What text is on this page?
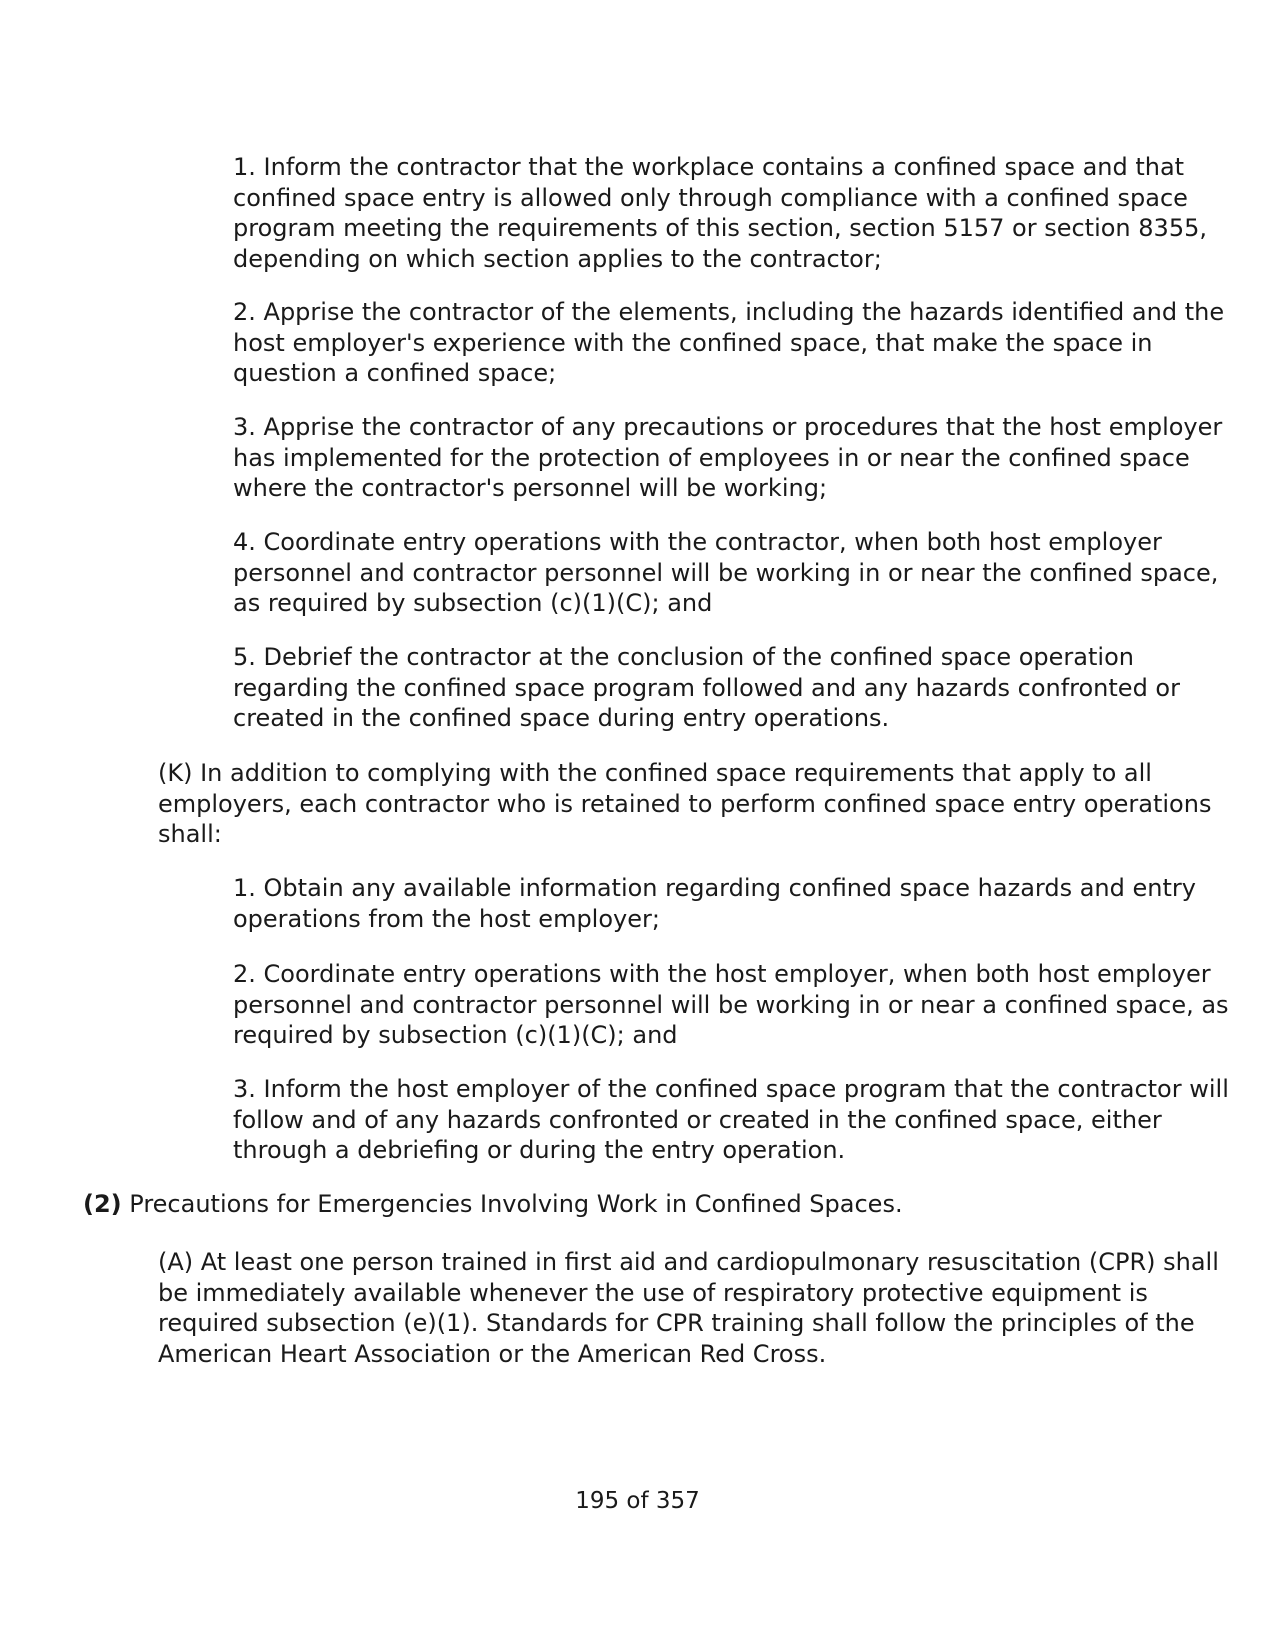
1. Inform the contractor that the workplace contains a confined space and that confined space entry is allowed only through compliance with a confined space program meeting the requirements of this section, section 5157 or section 8355, depending on which section applies to the contractor;

2. Apprise the contractor of the elements, including the hazards identified and the host employer's experience with the confined space, that make the space in question a confined space;

3. Apprise the contractor of any precautions or procedures that the host employer has implemented for the protection of employees in or near the confined space where the contractor's personnel will be working;

4. Coordinate entry operations with the contractor, when both host employer personnel and contractor personnel will be working in or near the confined space, as required by subsection (c)(1)(C); and

5. Debrief the contractor at the conclusion of the confined space operation regarding the confined space program followed and any hazards confronted or created in the confined space during entry operations.

(K) In addition to complying with the confined space requirements that apply to all employers, each contractor who is retained to perform confined space entry operations shall:

1. Obtain any available information regarding confined space hazards and entry operations from the host employer;

2. Coordinate entry operations with the host employer, when both host employer personnel and contractor personnel will be working in or near a confined space, as required by subsection (c)(1)(C); and

3. Inform the host employer of the confined space program that the contractor will follow and of any hazards confronted or created in the confined space, either through a debriefing or during the entry operation.

(2) Precautions for Emergencies Involving Work in Confined Spaces.

(A) At least one person trained in first aid and cardiopulmonary resuscitation (CPR) shall be immediately available whenever the use of respiratory protective equipment is required subsection (e)(1). Standards for CPR training shall follow the principles of the American Heart Association or the American Red Cross.

195 of 357
